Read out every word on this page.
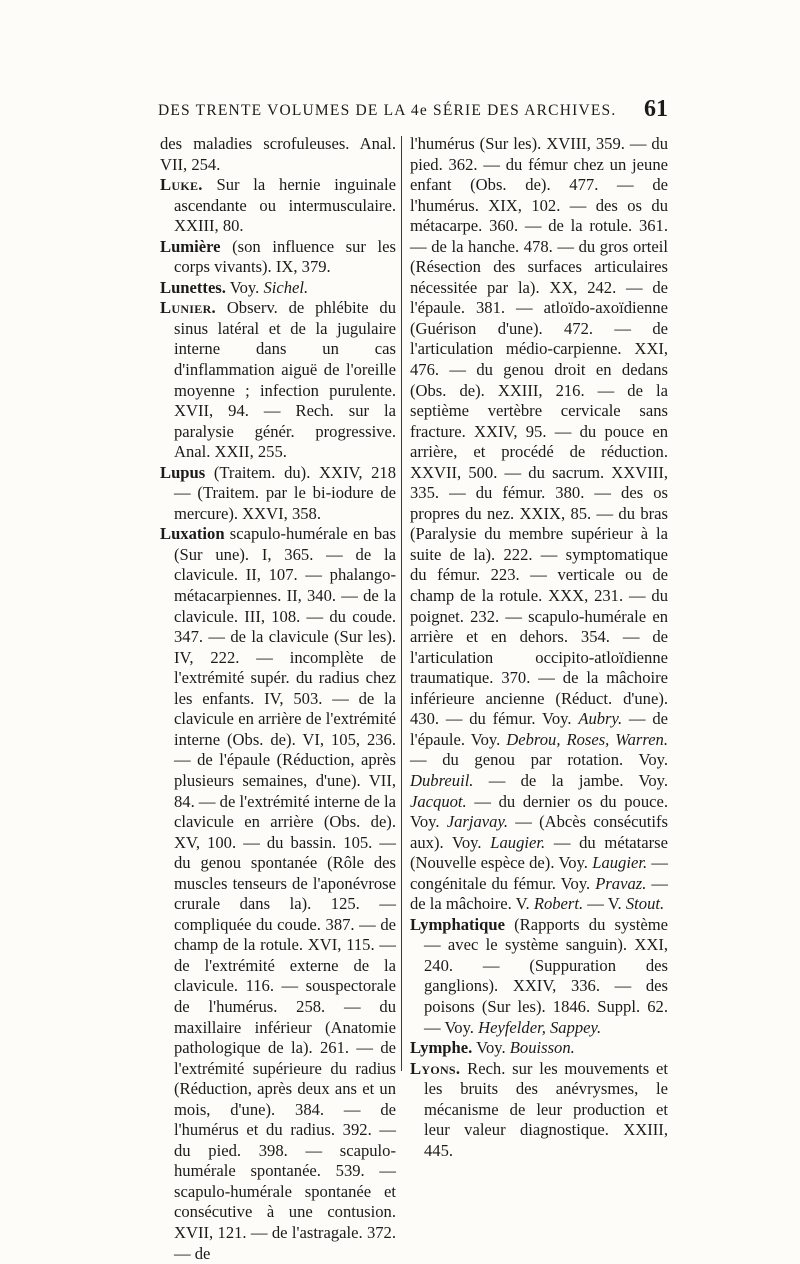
DES TRENTE VOLUMES DE LA 4e SÉRIE DES ARCHIVES. 61

des maladies scrofuleuses. Anal. VII, 254.

Luke. Sur la hernie inguinale ascendante ou intermusculaire. XXIII, 80.

Lumière (son influence sur les corps vivants). IX, 379.

Lunettes. Voy. Sichel.

Lunier. Observ. de phlébite du sinus latéral et de la jugulaire interne dans un cas d'inflammation aiguë de l'oreille moyenne ; infection purulente. XVII, 94. — Rech. sur la paralysie génér. progressive. Anal. XXII, 255.

Lupus (Traitem. du). XXIV, 218 — (Traitem. par le bi-iodure de mercure). XXVI, 358.

Luxation scapulo-humérale en bas (Sur une). I, 365. — de la clavicule. II, 107. — phalango-métacarpiennes. II, 340. — de la clavicule. III, 108. — du coude. 347. — de la clavicule (Sur les). IV, 222. — incomplète de l'extrémité supér. du radius chez les enfants. IV, 503. — de la clavicule en arrière de l'extrémité interne (Obs. de). VI, 105, 236. — de l'épaule (Réduction, après plusieurs semaines, d'une). VII, 84. — de l'extrémité interne de la clavicule en arrière (Obs. de). XV, 100. — du bassin. 105. — du genou spontanée (Rôle des muscles tenseurs de l'aponévrose crurale dans la). 125. — compliquée du coude. 387. — de champ de la rotule. XVI, 115. — de l'extrémité externe de la clavicule. 116. — souspectorale de l'humérus. 258. — du maxillaire inférieur (Anatomie pathologique de la). 261. — de l'extrémité supérieure du radius (Réduction, après deux ans et un mois, d'une). 384. — de l'humérus et du radius. 392. — du pied. 398. — scapulo-humérale spontanée. 539. — scapulo-humérale spontanée et consécutive à une contusion. XVII, 121. — de l'astragale. 372. — de

l'humérus (Sur les). XVIII, 359. — du pied. 362. — du fémur chez un jeune enfant (Obs. de). 477. — de l'humérus. XIX, 102. — des os du métacarpe. 360. — de la rotule. 361. — de la hanche. 478. — du gros orteil (Résection des surfaces articulaires nécessitée par la). XX, 242. — de l'épaule. 381. — atloïdo-axoïdienne (Guérison d'une). 472. — de l'articulation médio-carpienne. XXI, 476. — du genou droit en dedans (Obs. de). XXIII, 216. — de la septième vertèbre cervicale sans fracture. XXIV, 95. — du pouce en arrière, et procédé de réduction. XXVII, 500. — du sacrum. XXVIII, 335. — du fémur. 380. — des os propres du nez. XXIX, 85. — du bras (Paralysie du membre supérieur à la suite de la). 222. — symptomatique du fémur. 223. — verticale ou de champ de la rotule. XXX, 231. — du poignet. 232. — scapulo-humérale en arrière et en dehors. 354. — de l'articulation occipito-atloïdienne traumatique. 370. — de la mâchoire inférieure ancienne (Réduct. d'une). 430. — du fémur. Voy. Aubry. — de l'épaule. Voy. Debrou, Roses, Warren. — du genou par rotation. Voy. Dubreuil. — de la jambe. Voy. Jacquot. — du dernier os du pouce. Voy. Jarjavay. — (Abcès consécutifs aux). Voy. Laugier. — du métatarse (Nouvelle espèce de). Voy. Laugier. — congénitale du fémur. Voy. Pravaz. — de la mâchoire. V. Robert. — V. Stout.

Lymphatique (Rapports du système — avec le système sanguin). XXI, 240. — (Suppuration des ganglions). XXIV, 336. — des poisons (Sur les). 1846. Suppl. 62. — Voy. Heyfelder, Sappey.

Lymphe. Voy. Bouisson.

Lyons. Rech. sur les mouvements et les bruits des anévrysmes, le mécanisme de leur production et leur valeur diagnostique. XXIII, 445.
